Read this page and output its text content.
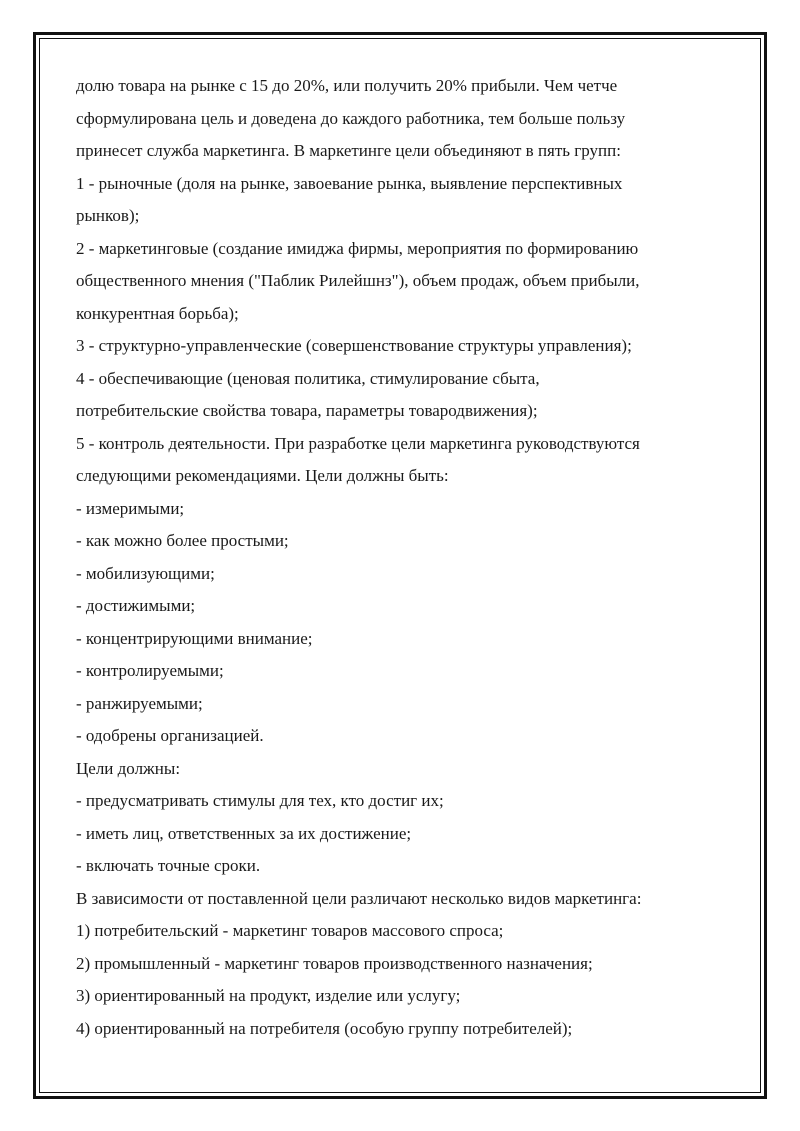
долю товара на рынке с 15 до 20%, или получить 20% прибыли. Чем четче
сформулирована цель и доведена до каждого работника, тем больше пользу
принесет служба маркетинга. В маркетинге цели объединяют в пять групп:
1 - рыночные (доля на рынке, завоевание рынка, выявление перспективных
рынков);
2 - маркетинговые (создание имиджа фирмы, мероприятия по формированию
общественного мнения ("Паблик Рилейшнз"), объем продаж, объем прибыли,
конкурентная борьба);
3 - структурно-управленческие (совершенствование структуры управления);
4 - обеспечивающие (ценовая политика, стимулирование сбыта,
потребительские свойства товара, параметры товародвижения);
5 - контроль деятельности. При разработке цели маркетинга руководствуются
следующими рекомендациями. Цели должны быть:
- измеримыми;
- как можно более простыми;
- мобилизующими;
- достижимыми;
- концентрирующими внимание;
- контролируемыми;
- ранжируемыми;
- одобрены организацией.
Цели должны:
- предусматривать стимулы для тех, кто достиг их;
- иметь лиц, ответственных за их достижение;
- включать точные сроки.
В зависимости от поставленной цели различают несколько видов маркетинга:
1) потребительский - маркетинг товаров массового спроса;
2) промышленный - маркетинг товаров производственного назначения;
3) ориентированный на продукт, изделие или услугу;
4) ориентированный на потребителя (особую группу потребителей);
